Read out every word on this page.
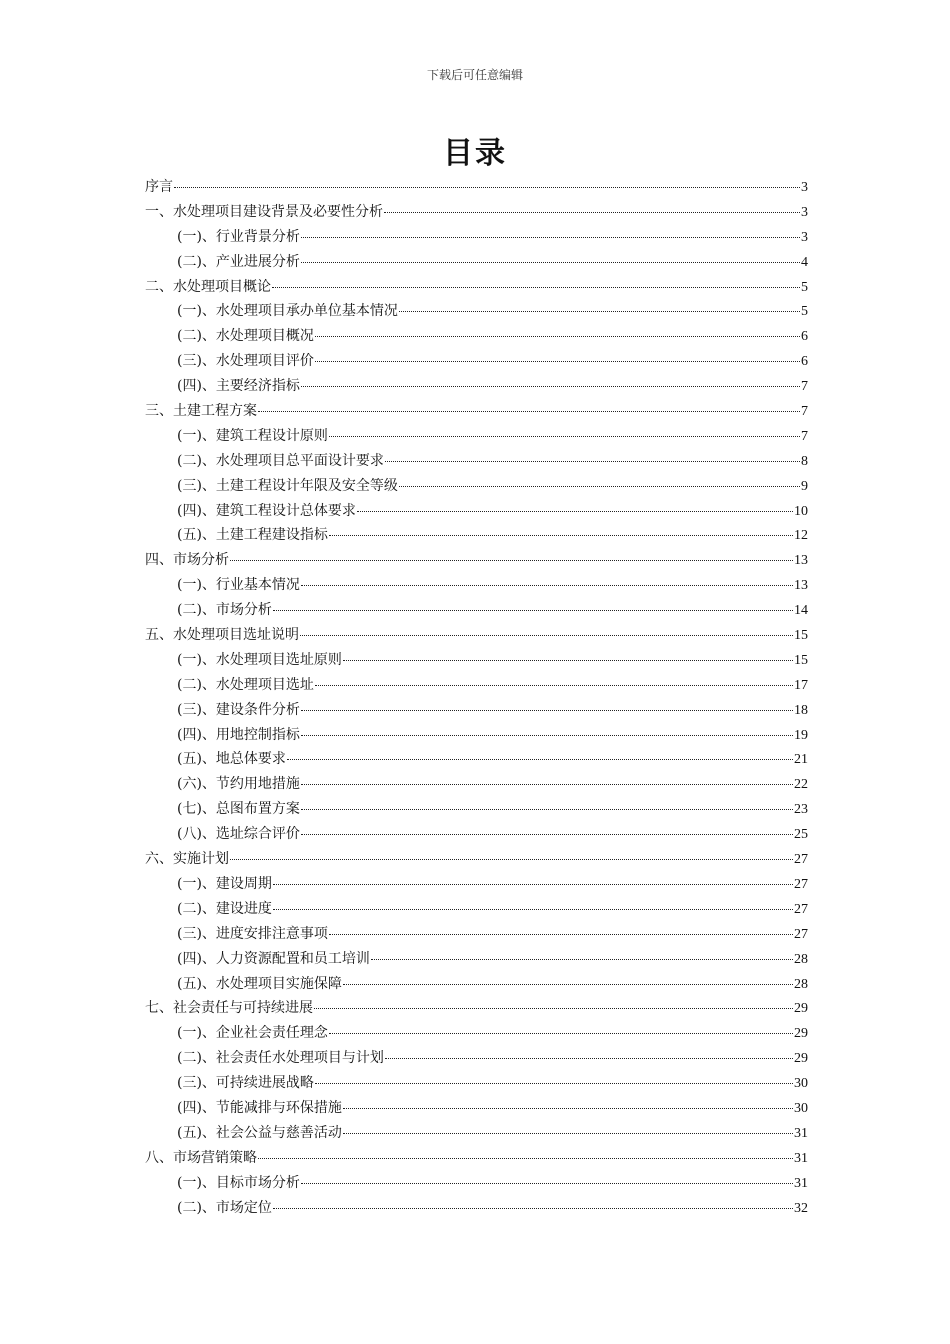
下载后可任意编辑
目录
序言	3
一、水处理项目建设背景及必要性分析	3
(一)、行业背景分析	3
(二)、产业进展分析	4
二、水处理项目概论	5
(一)、水处理项目承办单位基本情况	5
(二)、水处理项目概况	6
(三)、水处理项目评价	6
(四)、主要经济指标	7
三、土建工程方案	7
(一)、建筑工程设计原则	7
(二)、水处理项目总平面设计要求	8
(三)、土建工程设计年限及安全等级	9
(四)、建筑工程设计总体要求	10
(五)、土建工程建设指标	12
四、市场分析	13
(一)、行业基本情况	13
(二)、市场分析	14
五、水处理项目选址说明	15
(一)、水处理项目选址原则	15
(二)、水处理项目选址	17
(三)、建设条件分析	18
(四)、用地控制指标	19
(五)、地总体要求	21
(六)、节约用地措施	22
(七)、总图布置方案	23
(八)、选址综合评价	25
六、实施计划	27
(一)、建设周期	27
(二)、建设进度	27
(三)、进度安排注意事项	27
(四)、人力资源配置和员工培训	28
(五)、水处理项目实施保障	28
七、社会责任与可持续进展	29
(一)、企业社会责任理念	29
(二)、社会责任水处理项目与计划	29
(三)、可持续进展战略	30
(四)、节能减排与环保措施	30
(五)、社会公益与慈善活动	31
八、市场营销策略	31
(一)、目标市场分析	31
(二)、市场定位	32
